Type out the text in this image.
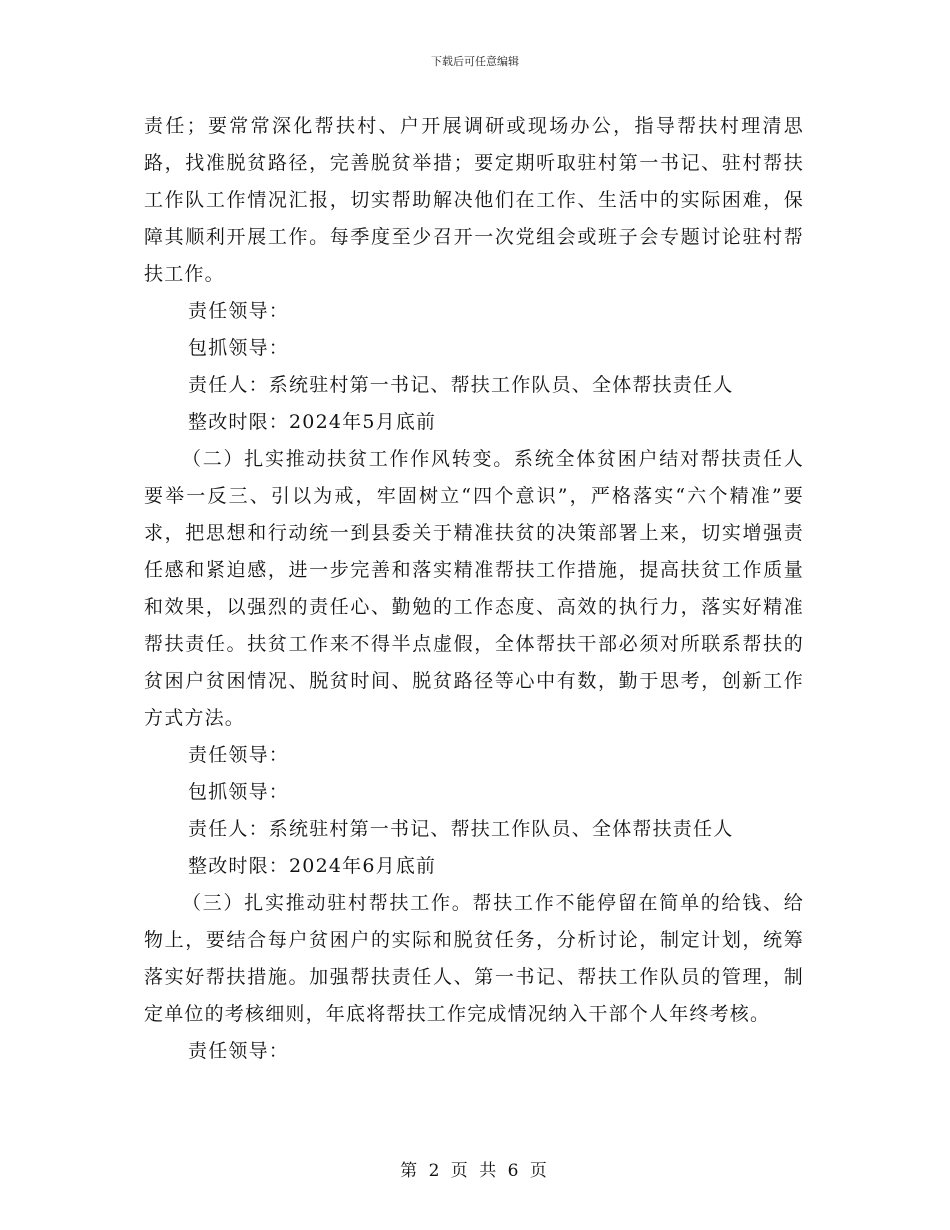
下载后可任意编辑

责任；要常常深化帮扶村、户开展调研或现场办公，指导帮扶村理清思路，找准脱贫路径，完善脱贫举措；要定期听取驻村第一书记、驻村帮扶工作队工作情况汇报，切实帮助解决他们在工作、生活中的实际困难，保障其顺利开展工作。每季度至少召开一次党组会或班子会专题讨论驻村帮扶工作。

责任领导：

包抓领导：

责任人：系统驻村第一书记、帮扶工作队员、全体帮扶责任人

整改时限：2024年5月底前

（二）扎实推动扶贫工作作风转变。系统全体贫困户结对帮扶责任人要举一反三、引以为戒，牢固树立“四个意识”，严格落实“六个精准”要求，把思想和行动统一到县委关于精准扶贫的决策部署上来，切实增强责任感和紧迫感，进一步完善和落实精准帮扶工作措施，提高扶贫工作质量和效果，以强烈的责任心、勤勉的工作态度、高效的执行力，落实好精准帮扶责任。扶贫工作来不得半点虚假，全体帮扶干部必须对所联系帮扶的贫困户贫困情况、脱贫时间、脱贫路径等心中有数，勤于思考，创新工作方式方法。

责任领导：

包抓领导：

责任人：系统驻村第一书记、帮扶工作队员、全体帮扶责任人

整改时限：2024年6月底前

（三）扎实推动驻村帮扶工作。帮扶工作不能停留在简单的给钱、给物上，要结合每户贫困户的实际和脱贫任务，分析讨论，制定计划，统筹落实好帮扶措施。加强帮扶责任人、第一书记、帮扶工作队员的管理，制定单位的考核细则，年底将帮扶工作完成情况纳入干部个人年终考核。

责任领导：

第 2 页 共 6 页
